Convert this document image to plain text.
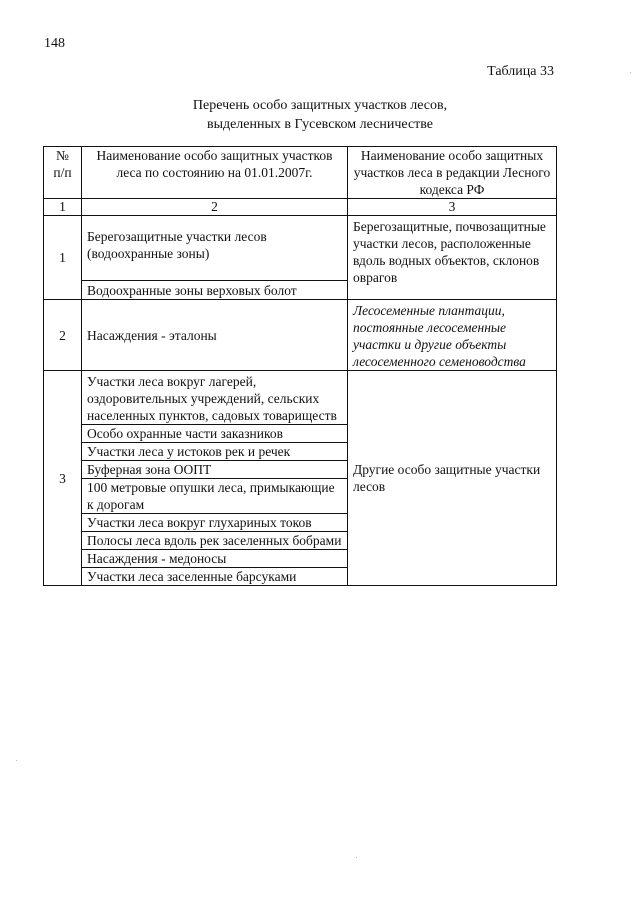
148
Таблица 33
Перечень особо защитных участков лесов,
выделенных в Гусевском лесничестве
№ п/п	Наименование особо защитных участков леса по состоянию на 01.01.2007г.	Наименование особо защитных участков леса в редакции Лесного кодекса РФ
1	2	3
1	Берегозащитные участки лесов (водоохранные зоны)	Берегозащитные, почвозащитные участки лесов, расположенные вдоль водных объектов, склонов оврагов
	Водоохранные зоны верховых болот	
2	Насаждения - эталоны	Лесосеменные плантации, постоянные лесосеменные участки и другие объекты лесосеменного семеноводства
3	Участки леса вокруг лагерей, оздоровительных учреждений, сельских населенных пунктов, садовых товариществ	Другие особо защитные участки лесов
	Особо охранные части заказников	
	Участки леса у истоков рек и речек	
	Буферная зона ООПТ	
	100 метровые опушки леса, примыкающие к дорогам	
	Участки леса вокруг глухариных токов	
	Полосы леса вдоль рек заселенных бобрами	
	Насаждения - медоносы	
	Участки леса заселенные барсуками	
